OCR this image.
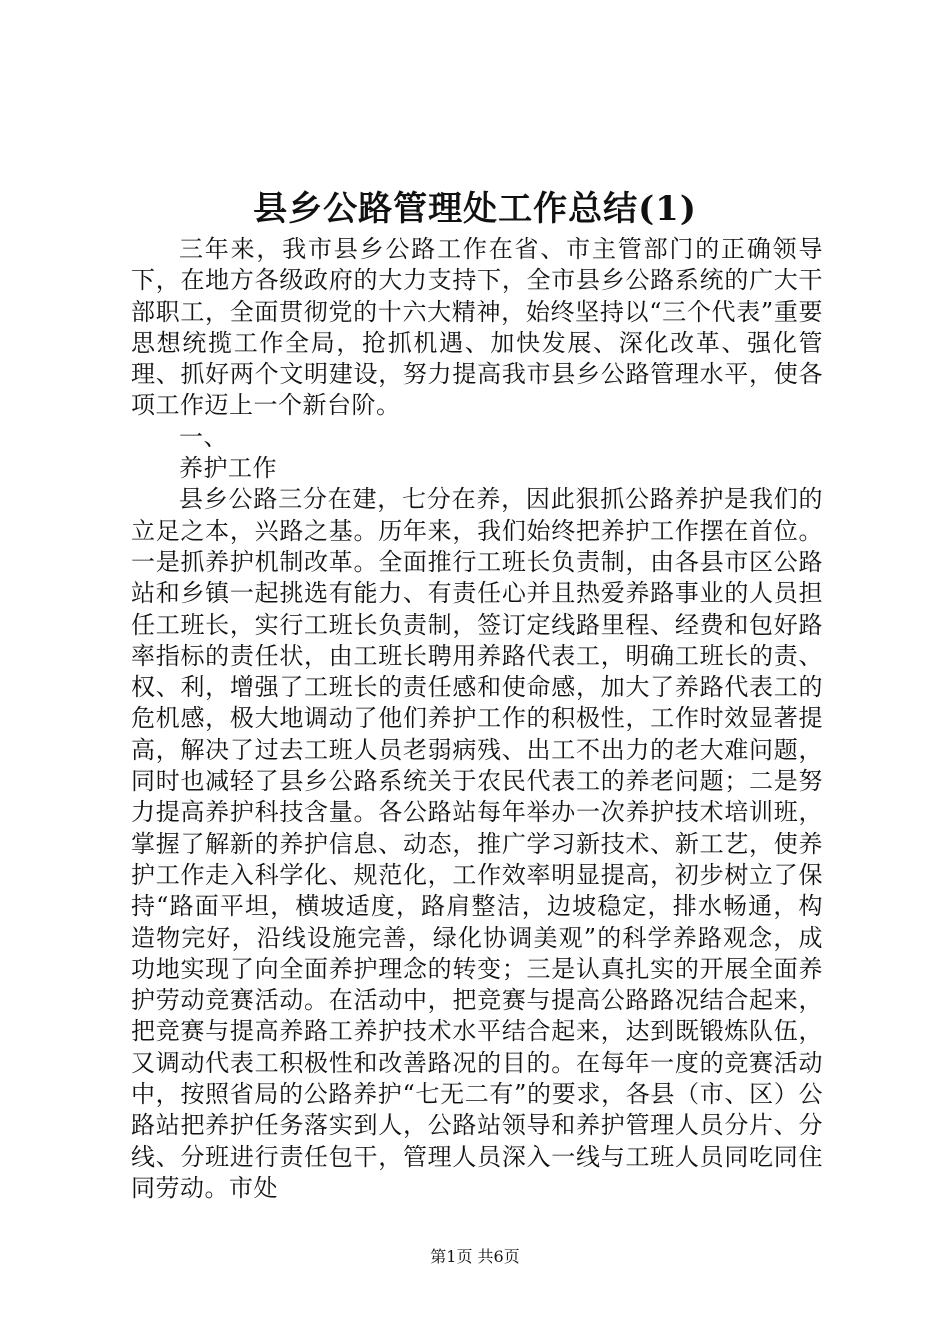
县乡公路管理处工作总结(1)

三年来，我市县乡公路工作在省、市主管部门的正确领导下，在地方各级政府的大力支持下，全市县乡公路系统的广大干部职工，全面贯彻党的十六大精神，始终坚持以“三个代表”重要思想统揽工作全局，抢抓机遇、加快发展、深化改革、强化管理、抓好两个文明建设，努力提高我市县乡公路管理水平，使各项工作迈上一个新台阶。

一、

养护工作

县乡公路三分在建，七分在养，因此狠抓公路养护是我们的立足之本，兴路之基。历年来，我们始终把养护工作摆在首位。一是抓养护机制改革。全面推行工班长负责制，由各县市区公路站和乡镇一起挑选有能力、有责任心并且热爱养路事业的人员担任工班长，实行工班长负责制，签订定线路里程、经费和包好路率指标的责任状，由工班长聘用养路代表工，明确工班长的责、权、利，增强了工班长的责任感和使命感，加大了养路代表工的危机感，极大地调动了他们养护工作的积极性，工作时效显著提高，解决了过去工班人员老弱病残、出工不出力的老大难问题，同时也减轻了县乡公路系统关于农民代表工的养老问题；二是努力提高养护科技含量。各公路站每年举办一次养护技术培训班，掌握了解新的养护信息、动态，推广学习新技术、新工艺，使养护工作走入科学化、规范化，工作效率明显提高，初步树立了保持“路面平坦，横坡适度，路肩整洁，边坡稳定，排水畅通，构造物完好，沿线设施完善，绿化协调美观”的科学养路观念，成功地实现了向全面养护理念的转变；三是认真扎实的开展全面养护劳动竞赛活动。在活动中，把竞赛与提高公路路况结合起来，把竞赛与提高养路工养护技术水平结合起来，达到既锻炼队伍，又调动代表工积极性和改善路况的目的。在每年一度的竞赛活动中，按照省局的公路养护“七无二有”的要求，各县（市、区）公路站把养护任务落实到人，公路站领导和养护管理人员分片、分线、分班进行责任包干，管理人员深入一线与工班人员同吃同住同劳动。市处

第1页 共6页
